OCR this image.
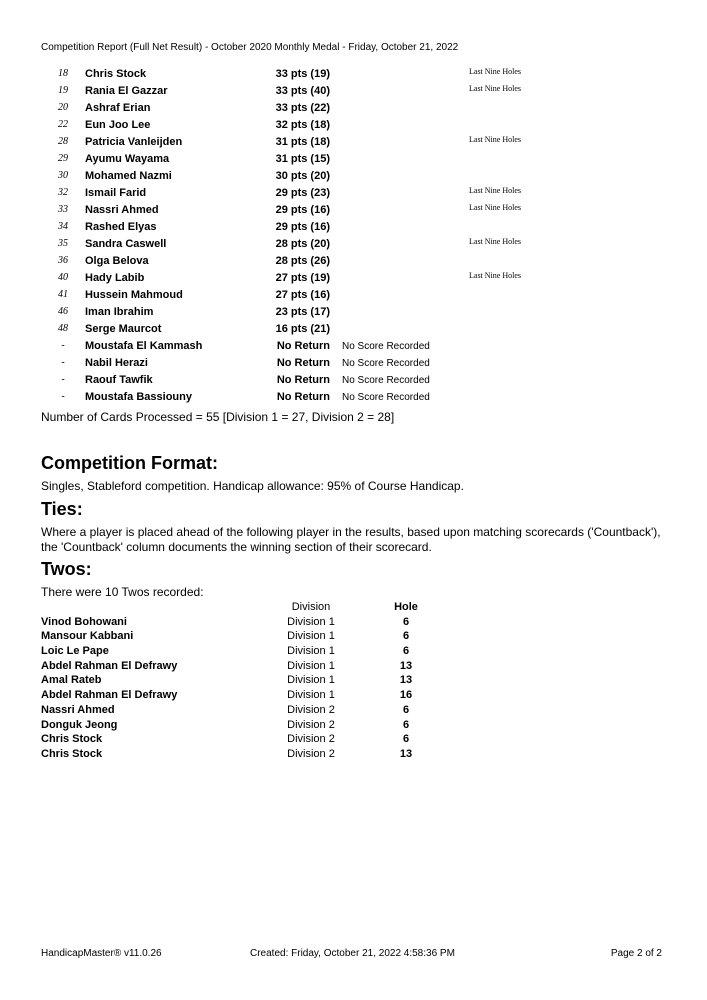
Competition Report (Full Net Result) - October 2020 Monthly Medal - Friday, October 21, 2022
18	Chris Stock	33 pts (19)	Last Nine Holes
19	Rania El Gazzar	33 pts (40)	Last Nine Holes
20	Ashraf Erian	33 pts (22)
22	Eun Joo Lee	32 pts (18)
28	Patricia Vanleijden	31 pts (18)	Last Nine Holes
29	Ayumu Wayama	31 pts (15)
30	Mohamed Nazmi	30 pts (20)
32	Ismail Farid	29 pts (23)	Last Nine Holes
33	Nassri Ahmed	29 pts (16)	Last Nine Holes
34	Rashed Elyas	29 pts (16)
35	Sandra Caswell	28 pts (20)	Last Nine Holes
36	Olga Belova	28 pts (26)
40	Hady Labib	27 pts (19)	Last Nine Holes
41	Hussein Mahmoud	27 pts (16)
46	Iman Ibrahim	23 pts (17)
48	Serge Maurcot	16 pts (21)
-	Moustafa El Kammash	No Return No Score Recorded
-	Nabil Herazi	No Return No Score Recorded
-	Raouf Tawfik	No Return No Score Recorded
-	Moustafa Bassiouny	No Return No Score Recorded
Number of Cards Processed = 55 [Division 1 = 27, Division 2 = 28]
Competition Format:
Singles, Stableford competition. Handicap allowance: 95% of Course Handicap.
Ties:
Where a player is placed ahead of the following player in the results, based upon matching scorecards ('Countback'), the 'Countback' column documents the winning section of their scorecard.
Twos:
There were 10 Twos recorded:
Division	Hole
Vinod Bohowani	Division 1	6
Mansour Kabbani	Division 1	6
Loic Le Pape	Division 1	6
Abdel Rahman El Defrawy	Division 1	13
Amal Rateb	Division 1	13
Abdel Rahman El Defrawy	Division 1	16
Nassri Ahmed	Division 2	6
Donguk Jeong	Division 2	6
Chris Stock	Division 2	6
Chris Stock	Division 2	13
HandicapMaster® v11.0.26	Created: Friday, October 21, 2022 4:58:36 PM	Page 2 of 2
